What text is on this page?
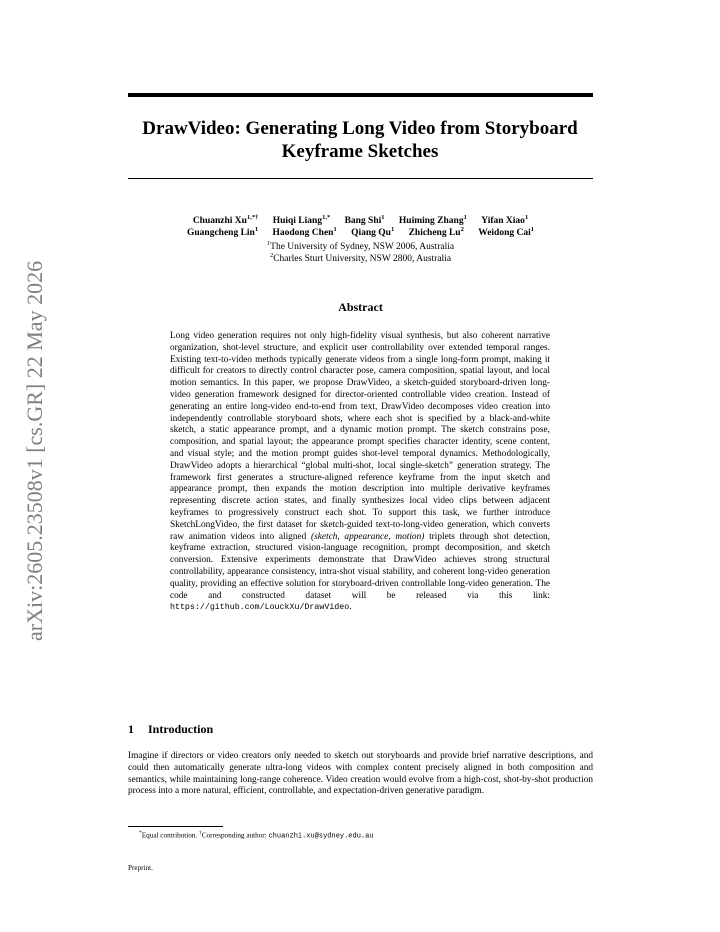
arXiv:2605.23508v1 [cs.GR] 22 May 2026
DrawVideo: Generating Long Video from Storyboard Keyframe Sketches
Chuanzhi $Xu^{1,*\dagger}$ Huiqi Liang$^{1,*}$ Bang Shi$^1$ Huiming Zhang$^1$ Yifan Xiao$^1$
Guangcheng Lin$^1$ Haodong Chen$^1$ Qiang Qu$^1$ Zhicheng Lu$^2$ Weidong Cai$^1$
$^1$The University of Sydney, NSW 2006, Australia
$^2$Charles Sturt University, NSW 2800, Australia
Abstract
Long video generation requires not only high-fidelity visual synthesis, but also coherent narrative organization, shot-level structure, and explicit user controllability over extended temporal ranges. Existing text-to-video methods typically generate videos from a single long-form prompt, making it difficult for creators to directly control character pose, camera composition, spatial layout, and local motion semantics. In this paper, we propose DrawVideo, a sketch-guided storyboard-driven long-video generation framework designed for director-oriented controllable video creation. Instead of generating an entire long-video end-to-end from text, DrawVideo decomposes video creation into independently controllable storyboard shots, where each shot is specified by a black-and-white sketch, a static appearance prompt, and a dynamic motion prompt. The sketch constrains pose, composition, and spatial layout; the appearance prompt specifies character identity, scene content, and visual style; and the motion prompt guides shot-level temporal dynamics. Methodologically, DrawVideo adopts a hierarchical “global multi-shot, local single-sketch” generation strategy. The framework first generates a structure-aligned reference keyframe from the input sketch and appearance prompt, then expands the motion description into multiple derivative keyframes representing discrete action states, and finally synthesizes local video clips between adjacent keyframes to progressively construct each shot. To support this task, we further introduce SketchLongVideo, the first dataset for sketch-guided text-to-long-video generation, which converts raw animation videos into aligned (sketch, appearance, motion) triplets through shot detection, keyframe extraction, structured vision-language recognition, prompt decomposition, and sketch conversion. Extensive experiments demonstrate that DrawVideo achieves strong structural controllability, appearance consistency, intra-shot visual stability, and coherent long-video generation quality, providing an effective solution for storyboard-driven controllable long-video generation. The code and constructed dataset will be released via this link: https://github.com/LouckXu/DrawVideo.
1 Introduction
Imagine if directors or video creators only needed to sketch out storyboards and provide brief narrative descriptions, and could then automatically generate ultra-long videos with complex content precisely aligned in both composition and semantics, while maintaining long-range coherence. Video creation would evolve from a high-cost, shot-by-shot production process into a more natural, efficient, controllable, and expectation-driven generative paradigm.
*Equal contribution. †Corresponding author: chuanzhi.xu@sydney.edu.au
Preprint.
